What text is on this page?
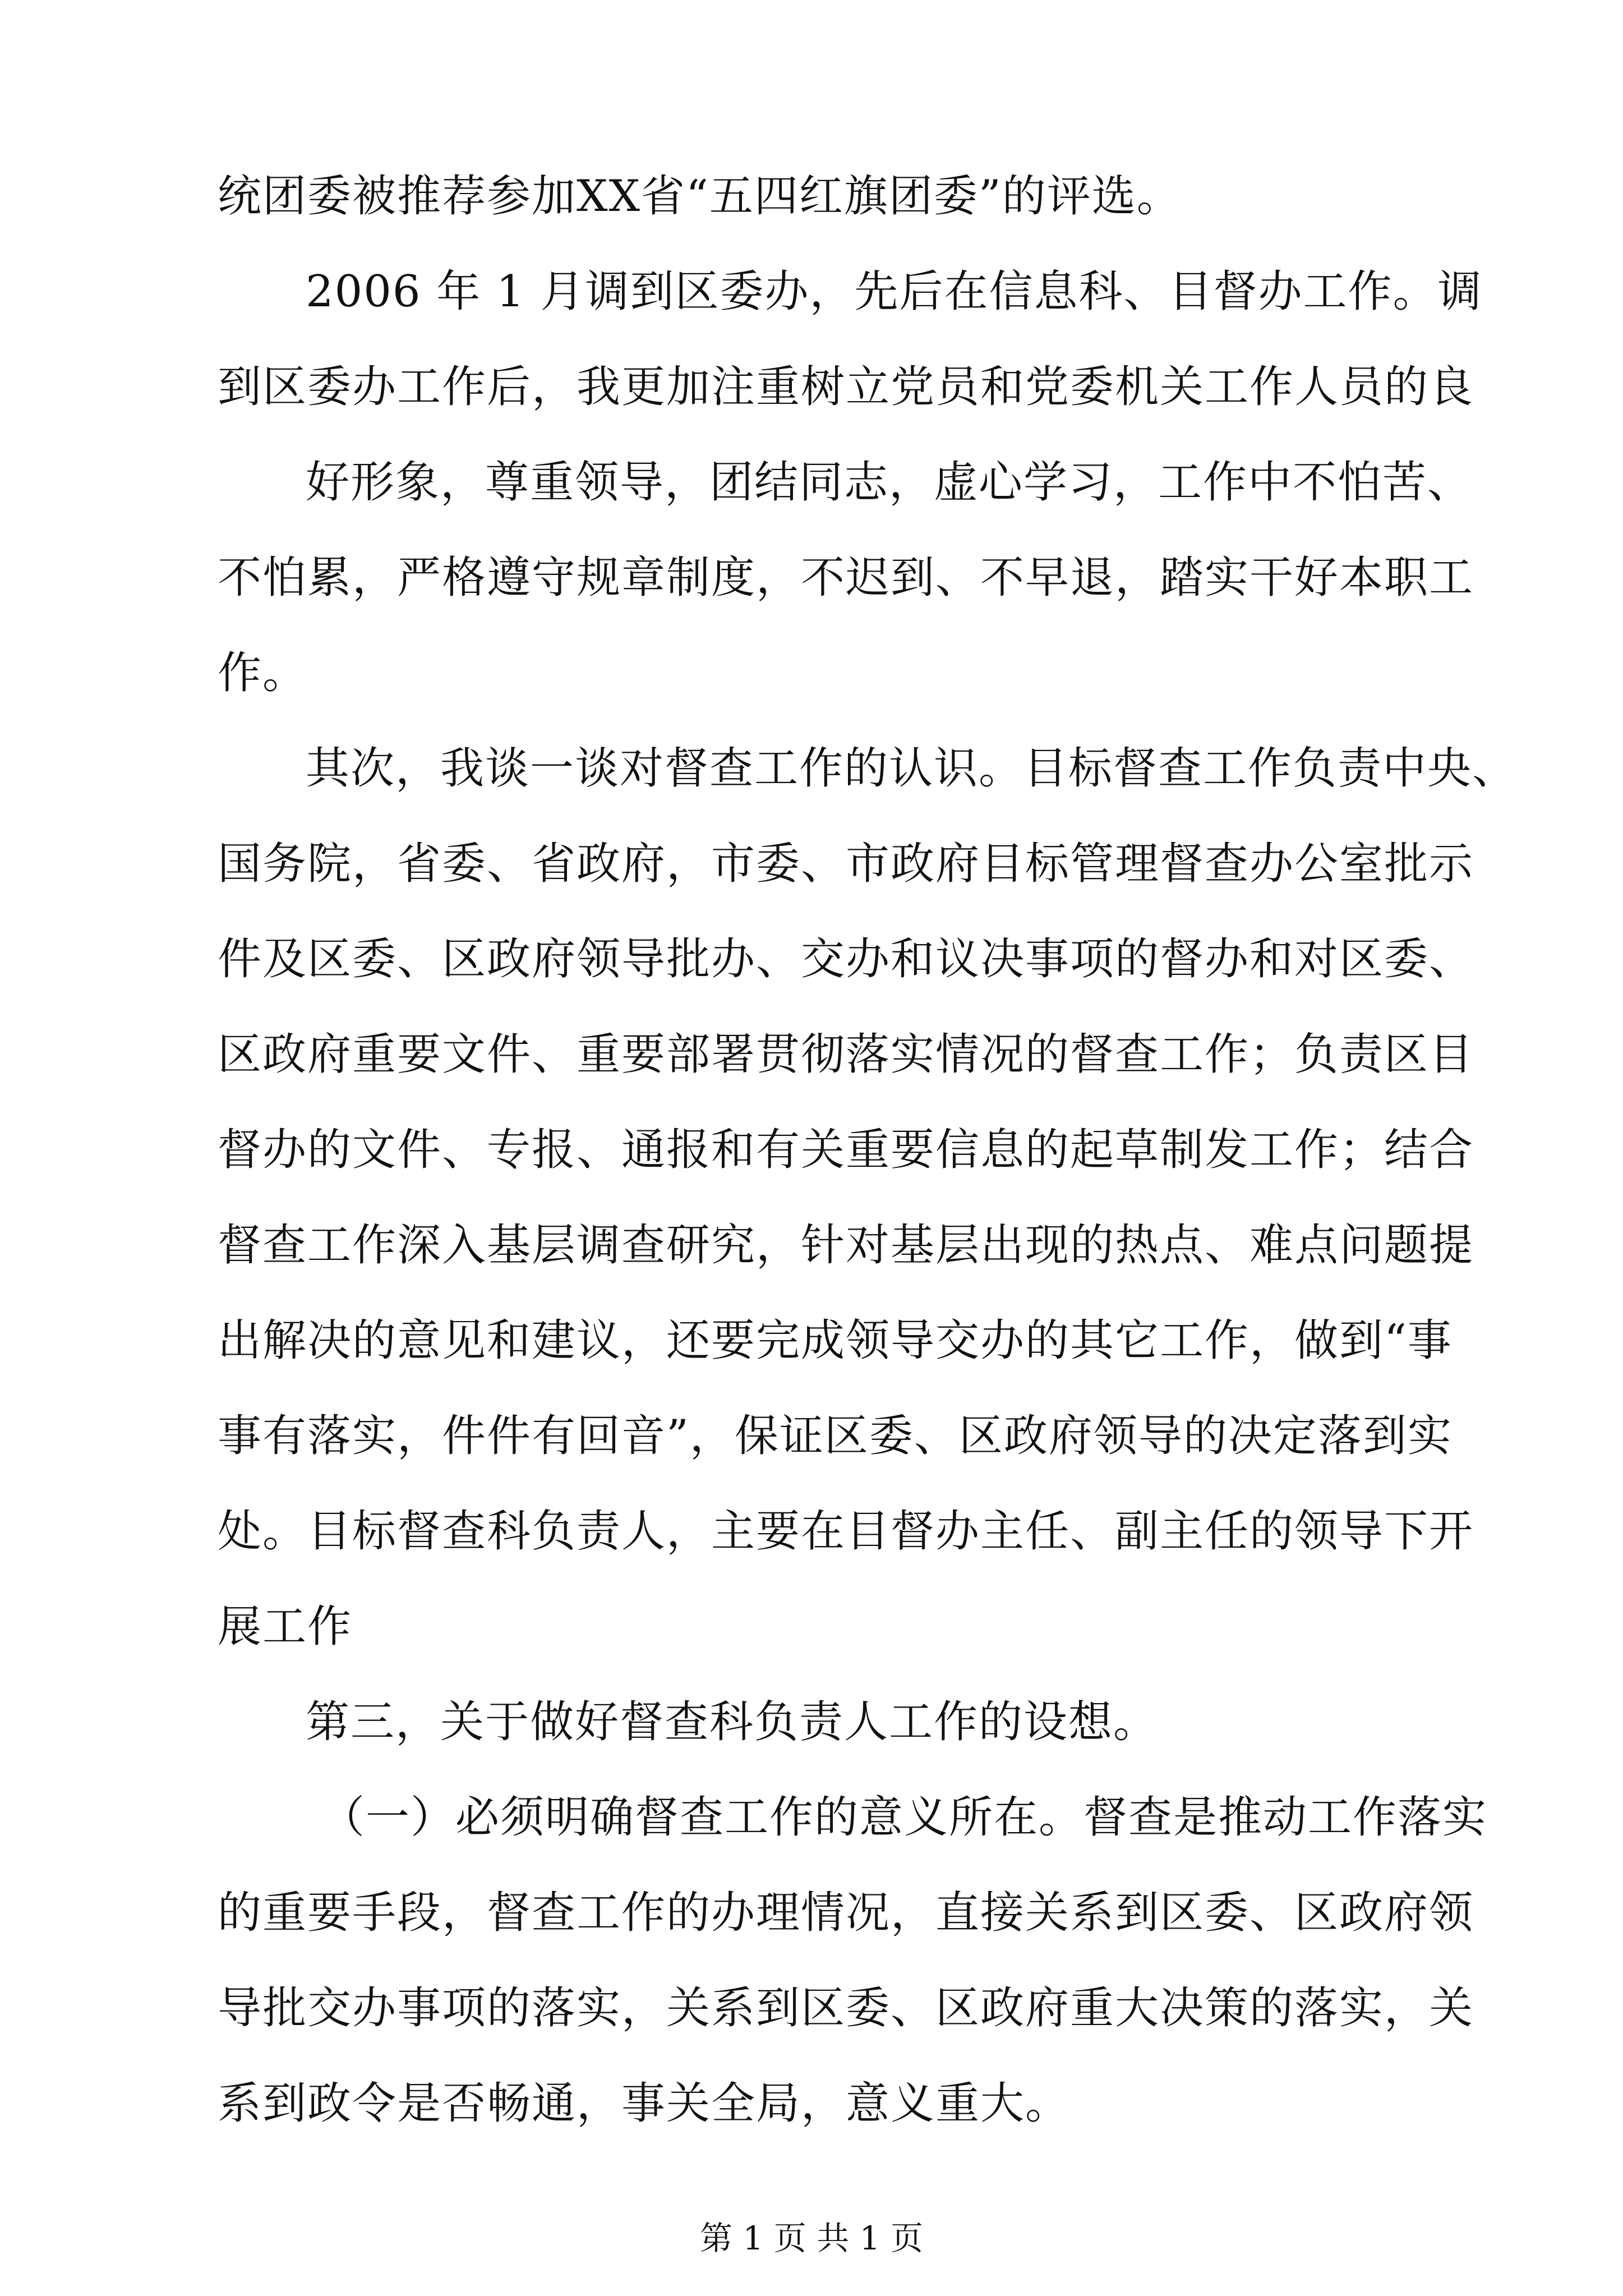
统团委被推荐参加XX省“五四红旗团委”的评选。
2006 年 1 月调到区委办，先后在信息科、目督办工作。调
到区委办工作后，我更加注重树立党员和党委机关工作人员的良
好形象，尊重领导，团结同志，虚心学习，工作中不怕苦、
不怕累，严格遵守规章制度，不迟到、不早退，踏实干好本职工
作。
其次，我谈一谈对督查工作的认识。目标督查工作负责中央、
国务院，省委、省政府，市委、市政府目标管理督查办公室批示
件及区委、区政府领导批办、交办和议决事项的督办和对区委、
区政府重要文件、重要部署贯彻落实情况的督查工作；负责区目
督办的文件、专报、通报和有关重要信息的起草制发工作；结合
督查工作深入基层调查研究，针对基层出现的热点、难点问题提
出解决的意见和建议，还要完成领导交办的其它工作，做到“事
事有落实，件件有回音”，保证区委、区政府领导的决定落到实
处。目标督查科负责人，主要在目督办主任、副主任的领导下开
展工作
第三，关于做好督查科负责人工作的设想。
（一）必须明确督查工作的意义所在。督查是推动工作落实
的重要手段，督查工作的办理情况，直接关系到区委、区政府领
导批交办事项的落实，关系到区委、区政府重大决策的落实，关
系到政令是否畅通，事关全局，意义重大。
第 1 页 共 1 页
